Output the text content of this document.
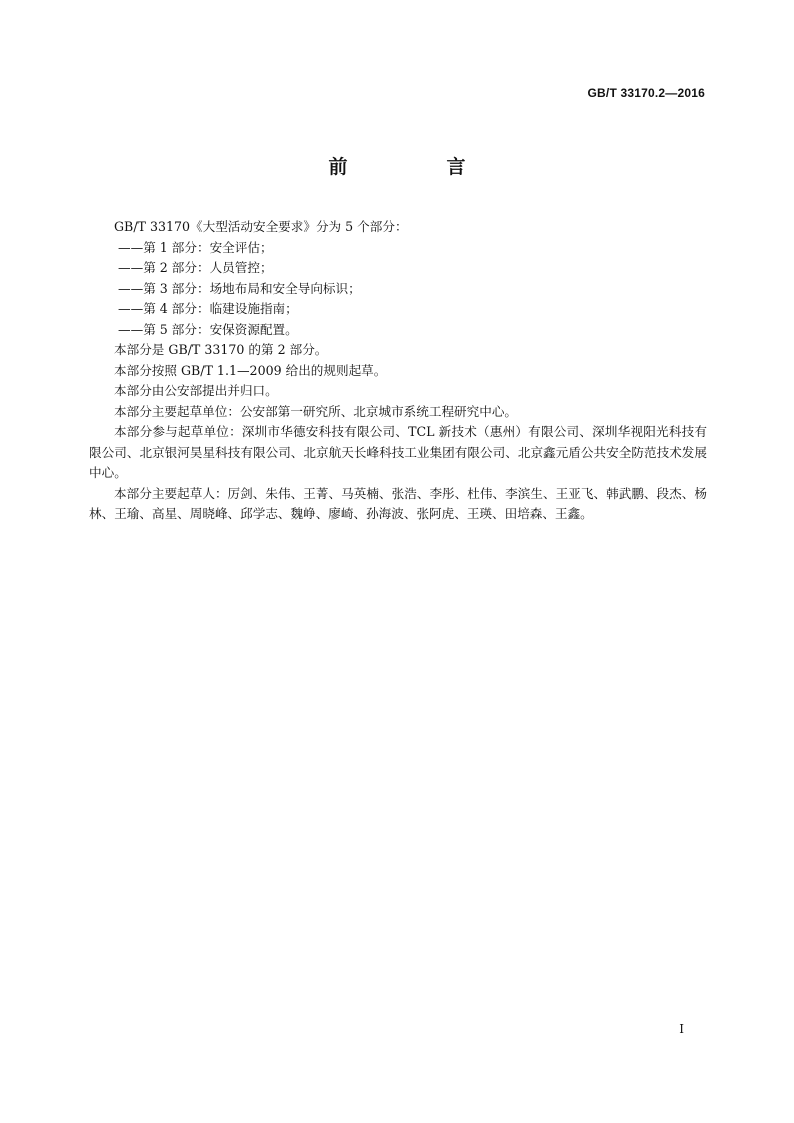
GB/T 33170.2—2016
前　言

GB/T 33170《大型活动安全要求》分为 5 个部分：

——第 1 部分：安全评估；

——第 2 部分：人员管控；

——第 3 部分：场地布局和安全导向标识；

——第 4 部分：临建设施指南；

——第 5 部分：安保资源配置。

本部分是 GB/T 33170 的第 2 部分。

本部分按照 GB/T 1.1—2009 给出的规则起草。

本部分由公安部提出并归口。

本部分主要起草单位：公安部第一研究所、北京城市系统工程研究中心。

本部分参与起草单位：深圳市华德安科技有限公司、TCL 新技术（惠州）有限公司、深圳华视阳光科技有限公司、北京银河昊星科技有限公司、北京航天长峰科技工业集团有限公司、北京鑫元盾公共安全防范技术发展中心。

本部分主要起草人：厉剑、朱伟、王菁、马英楠、张浩、李彤、杜伟、李滨生、王亚飞、韩武鹏、段杰、杨林、王瑜、高星、周晓峰、邱学志、魏峥、廖崎、孙海波、张阿虎、王瑛、田培森、王鑫。

I
